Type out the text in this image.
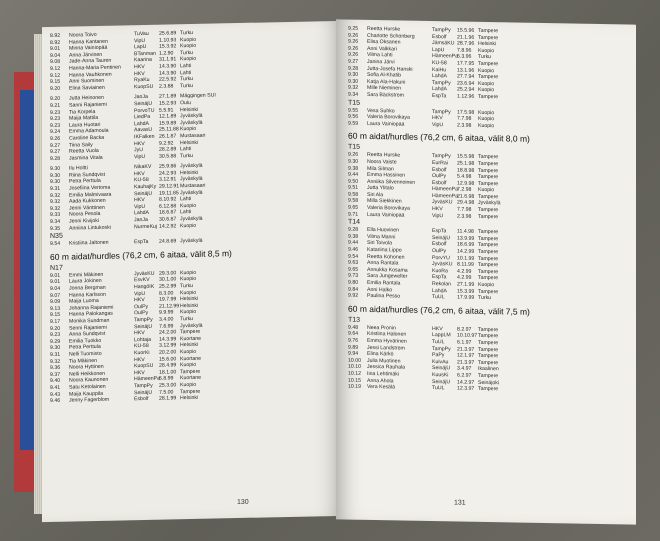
8.92	Noora Toivo	TuVau	25.6.89 Turku
8.92	Hanna Kantanen	VipU	1.10.93 Kuopio
9.01	Minna Vainiopää	LapU	15.3.92 Kuopio
9.04	Anna Järvinen	BTanman 1.2.90	Turku
9.08	Jade-Anna Tauren	Kaarina	31.1.91 Kuopio
9.12	Hanna-Maria Pentinen	HKV	14.3.90 Lahti
9.12	Hanna Vauhkonen	HKV	14.3.90 Lahti
9.15	Anni Suominen	RyaKu	22.5.92 Turku
9.20	Elina Saviainen	KuopSU	2.3.88	Turku
9.20	Jutta Heinonen	JanJa	27.1.89 Mäggingen SUI
9.21	Sanni Rajaniemi	SeinäjU	15.2.93 Oulu
9.23	Tia Korpela	PorvoTU 5.5.91	Helsinki
9.23	Maija Mattila	LiedPa	12.1.89 Jyväskylä
9.23	Laura Huotari	LahdA	15.9.89 Jyväskylä
9.24	Emma Adamoula	AavasU	25.11.88 Kuopio
9.26	Caroline Backa	IKFalken 26.1.87 Mustasaari
9.27	Tiina Saily	HKV	9.2.92	Helsinki
9.27	Reetta Vuola	JyU	28.2.89 Lahti
9.28	Jasmina Vitala	VipU	30.5.88 Turku
9.30	Ilu Holtti	NikaKV	25.9.86 Jyväskylä
9.30	Riina Sundqvist	HKV	24.2.93 Helsinki
9.30	Petra Perttula	KU-58	3.12.91 Jyväskylä
9.31	Josefiina Vertoma	KauhajKy 29.12.91 Mustasaari
9.32	Emilia Malmivaara	SeinäjU	19.11.85 Jyväskylä
9.32	Aada Kukkonen	HKV	8.10.92 Lahti
9.32	Jenni Vänttinen	VipU	6.12.88 Kuopio
9.33	Noora Pesola	LahdA	18.6.87 Lahti
9.34	Jenni Kivijoki	JanJa	30.6.87 Jyväskylä
9.35	Anniina Lintukoski	NurmeKuj 14.2.92 Kuopio
N35
9.54	Kristiina Jaltonen	EspTa	24.8.69 Jyväskylä
60 m aidat/hurdles (76,2 cm, 6 aitaa, välit 8,5 m)
N17
9.01	Emmi Mäkinen	JyväsKU 29.3.00 Kuopio
9.01	Laura Jokinen	EsvKV	30.1.00 Kuopio
9.04	Jonna Bergman	HangöIK 25.2.99 Turku
9.07	Hanna Karlsson	VipU	8.3.00	Kuopio
9.09	Maija Luoma	HKV	19.7.99 Helsinki
9.13	Johanna Rajaniemi	OulPy	21.12.99 Helsinki
9.15	Hanna Palokangas	OulPy	9.9.99	Kuopio
9.17	Monika Sundman	TampPy	3.4.00	Turku
9.20	Senni Rajaniemi	SeinäjU	7.6.99	Jyväskylä
9.23	Anna Sundqvist	HKV	24.2.00 Tampere
9.29	Emilia Tuokko	Lohtaja	14.3.99 Kuortane
9.30	Petra Perttula	KU-58	3.12.99 Helsinki
9.31	Nelli Tuomisto	KuorKi	20.2.00 Kuopio
9.32	Tia Mäkinen	HKV	15.6.00 Kuortane
9.36	Noora Hyttinen	KuopSU	28.4.99 Kuopio
9.37	Nelli Heikkonen	HKV	18.1.00 Tampere
9.40	Noora Kaunonen	HämeenPa 5.8.99	Kuortane
9.41	Satu Ketolainen	TampPy	25.3.00 Kuopio
9.43	Maija Kauppila	SeinäjU	7.5.00	Tampere
9.46	Jenny Fagerblom	Esbolf	28.1.99 Helsinki
130
9.25	Reetta Hurske	TampPy	15.5.96 Tampere
9.26	Charlotte Schönberg	Esbolf	21.1.96 Tampere
9.26	Elisa Oksanen	JämsäKU 28.7.96 Helsinki
9.26	Anni Valkkari	LapU	7.8.96	Kuopio
9.26	Vilma Lahti	HämeenPa 5.3.96	Turku
9.27	Janina Järvi	KU-58	17.7.95 Tampere
9.28	Jutta-Josefa Hanski	KaiHu	13.1.96 Kuopio
9.30	Sofia Al-Khatib	LahdA	27.7.94 Tampere
9.30	Katja Ala-Hakuni	TampPy	23.6.94 Kuopio
9.32	Mille Nieminen	LahdA	25.2.94 Kuopio
9.34	Sara Bäckström	EspTa	1.12.96 Tampere
T15
9.55	Vesa Suhko	TampPy	17.5.98 Kuopio
9.56	Valeria Borovikaya	HKV	7.7.98	Kuopio
9.59	Laura Vainiopää	VipU	2.3.98	Kuopio
60 m aidat/hurdles (76,2 cm, 6 aitaa, välit 8,0 m)
T15
9.26	Reetta Hurske	TampPy	15.5.98 Tampere
9.30	Noora Vaiste	EurRai	25.1.98 Tampere
9.38	Mila Silman	Esbolf	18.8.98 Tampere
9.44	Emma Hassinen	OulPy	5.4.98	Tampere
9.50	Anniika Silvennoinen	Esbolf	12.9.98 Tampere
9.51	Jutta Ylitalo	HämeenPa 7.2.98	Kuopio
9.58	Siri Ala	HämeenPa 21.6.98 Tampere
9.58	Milla Siekkinen	JyväsKU 29.4.98 Jyväskylä
9.65	Valeria Borovikaya	HKV	7.7.98	Tampere
9.71	Laura Vainiopää	VipU	2.3.98	Tampere
T14
9.28	Ella Huovinen	EspTa	11.4.98 Tampere
9.38	Vilma Manni	SeinäjU	13.9.99 Tampere
9.44	Siri Toivola	Esbolf	18.6.99 Tampere
9.46	Katariina Lippo	OulPy	14.2.99 Tampere
9.54	Reetta Kohonen	PorvYU	10.1.99 Tampere
9.63	Anna Rantala	JyväsKU 8.11.99 Tampere
9.65	Annukka Kosama	KuoRa	4.2.99	Tampere
9.73	Sara Jungewelter	EspTa	4.2.99	Tampere
9.80	Emilia Rantala	Rekolan	27.1.99 Kuopio
9.84	Anni Halko	LahdA	15.3.99 Tampere
9.92	Paulina Pesso	TuUL	17.9.99 Turku
60 m aidat/hurdles (76,2 cm, 6 aitaa, välit 7,5 m)
T13
9.48	Neea Pronin	HKV	8.2.97	Tampere
9.64	Kristiina Halonen	LappLM	10.10.97 Tampere
9.76	Emma Hyvärinen	TuUL	6.1.97	Tampere
9.89	Jessi Landström	TampPy	21.3.97 Tampere
9.94	Elina Kärkö	PaPy	12.1.97 Tampere
10.00	Julia Muotinen	KuivAu	21.3.97 Tampere
10.10	Jessica Rauhala	SeinäjU	3.4.97	Ikaalinen
10.12	Iina Lehtimäki	KuusKi	6.2.97	Tampere
10.15	Anna Ahola	SeinäjU	14.2.97 Seinäjoki
10.19	Vera Kesälä	TuUL	12.3.97 Tampere
131
